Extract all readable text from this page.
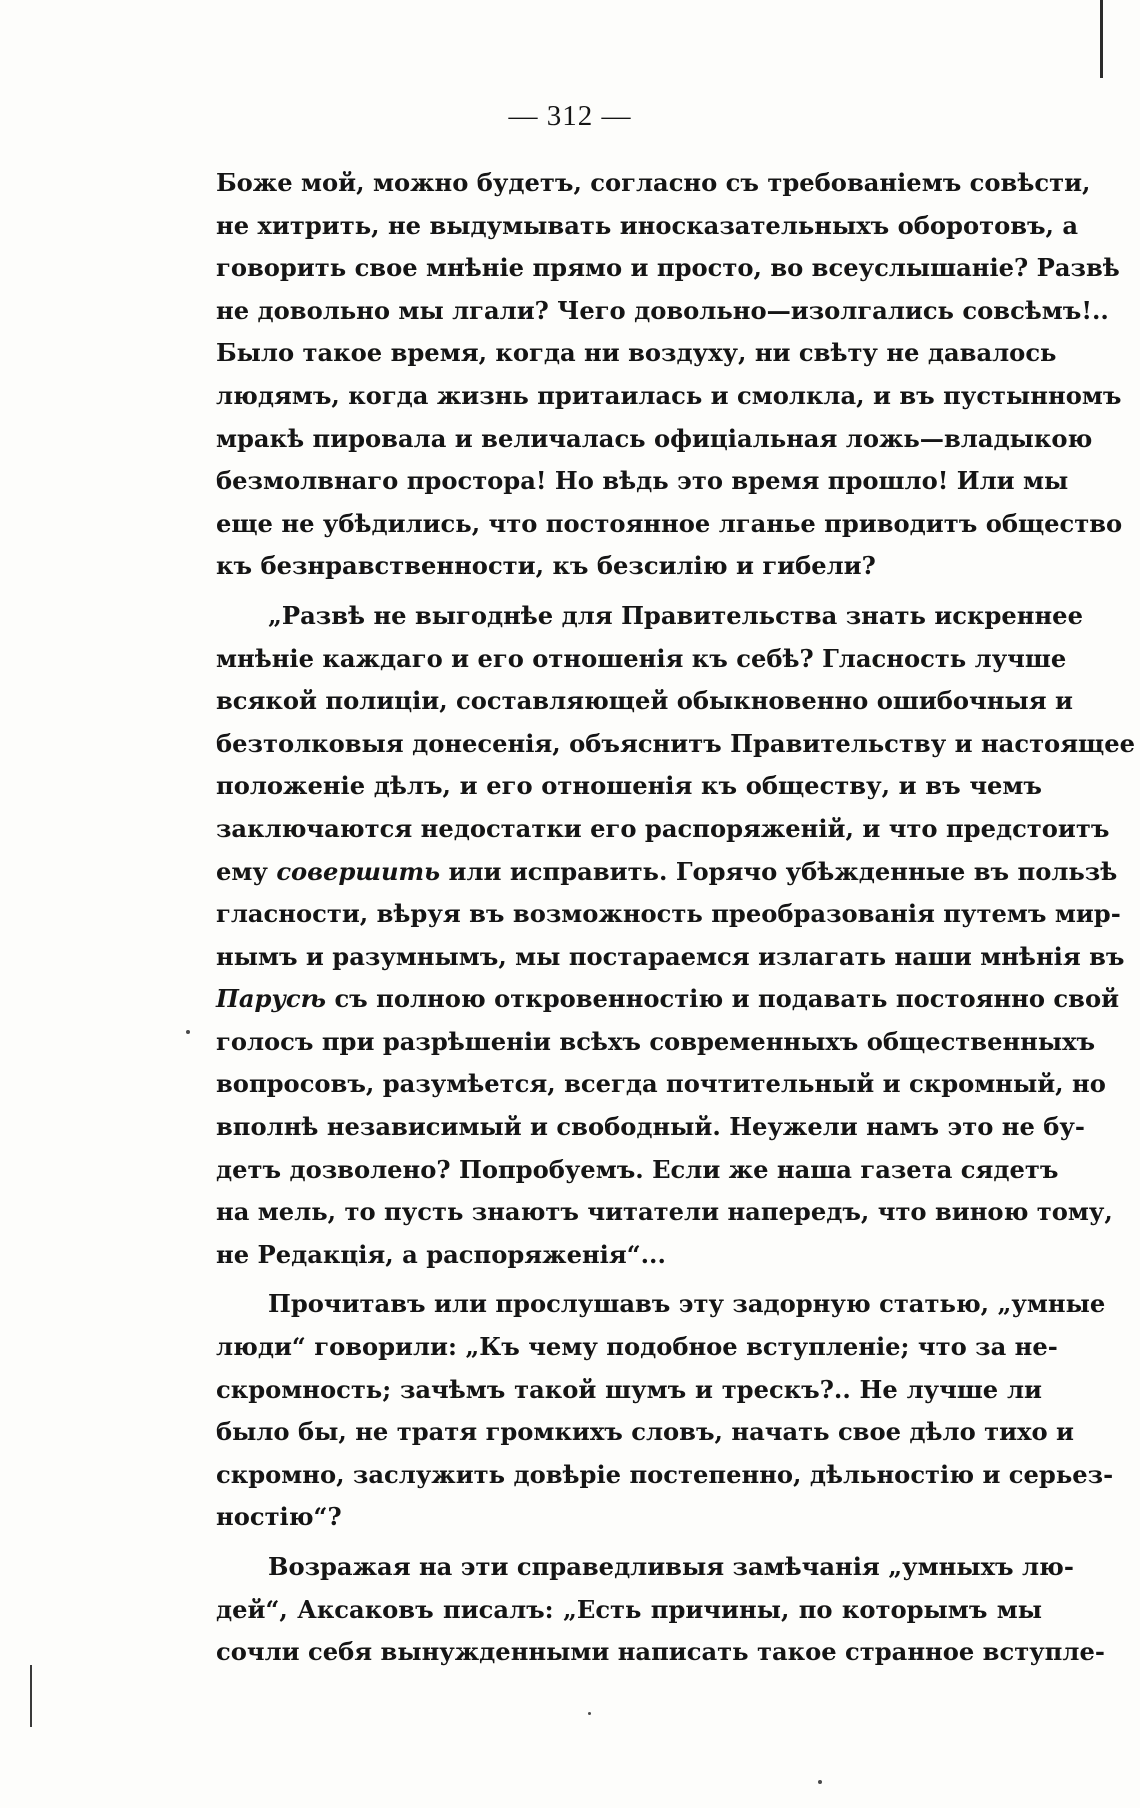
— 312 —
Боже мой, можно будетъ, согласно съ требованіемъ совѣсти,
не хитрить, не выдумывать иносказательныхъ оборотовъ, а
говорить свое мнѣніе прямо и просто, во всеуслышаніе? Развѣ
не довольно мы лгали? Чего довольно—изолгались совсѣмъ!..
Было такое время, когда ни воздуху, ни свѣту не давалось
людямъ, когда жизнь притаилась и смолкла, и въ пустынномъ
мракѣ пировала и величалась офиціальная ложь—владыкою
безмолвнаго простора! Но вѣдь это время прошло! Или мы
еще не убѣдились, что постоянное лганье приводитъ общество
къ безнравственности, къ безсилію и гибели?
„Развѣ не выгоднѣе для Правительства знать искреннее
мнѣніе каждаго и его отношенія къ себѣ? Гласность лучше
всякой полиціи, составляющей обыкновенно ошибочныя и
безтолковыя донесенія, объяснитъ Правительству и настоящее
положеніе дѣлъ, и его отношенія къ обществу, и въ чемъ
заключаются недостатки его распоряженій, и что предстоитъ
ему совершить или исправить. Горячо убѣжденные въ пользѣ
гласности, вѣруя въ возможность преобразованія путемъ мир-
нымъ и разумнымъ, мы постараемся излагать наши мнѣнія въ
Парусѣ съ полною откровенностію и подавать постоянно свой
голосъ при разрѣшеніи всѣхъ современныхъ общественныхъ
вопросовъ, разумѣется, всегда почтительный и скромный, но
вполнѣ независимый и свободный. Неужели намъ это не бу-
детъ дозволено? Попробуемъ. Если же наша газета сядетъ
на мель, то пусть знаютъ читатели напередъ, что виною тому,
не Редакція, а распоряженія“...
Прочитавъ или прослушавъ эту задорную статью, „умные
люди“ говорили: „Къ чему подобное вступленіе; что за не-
скромность; зачѣмъ такой шумъ и трескъ?.. Не лучше ли
было бы, не тратя громкихъ словъ, начать свое дѣло тихо и
скромно, заслужить довѣріе постепенно, дѣльностію и серьез-
ностію“?
Возражая на эти справедливыя замѣчанія „умныхъ лю-
дей“, Аксаковъ писалъ: „Есть причины, по которымъ мы
сочли себя вынужденными написать такое странное вступле-
